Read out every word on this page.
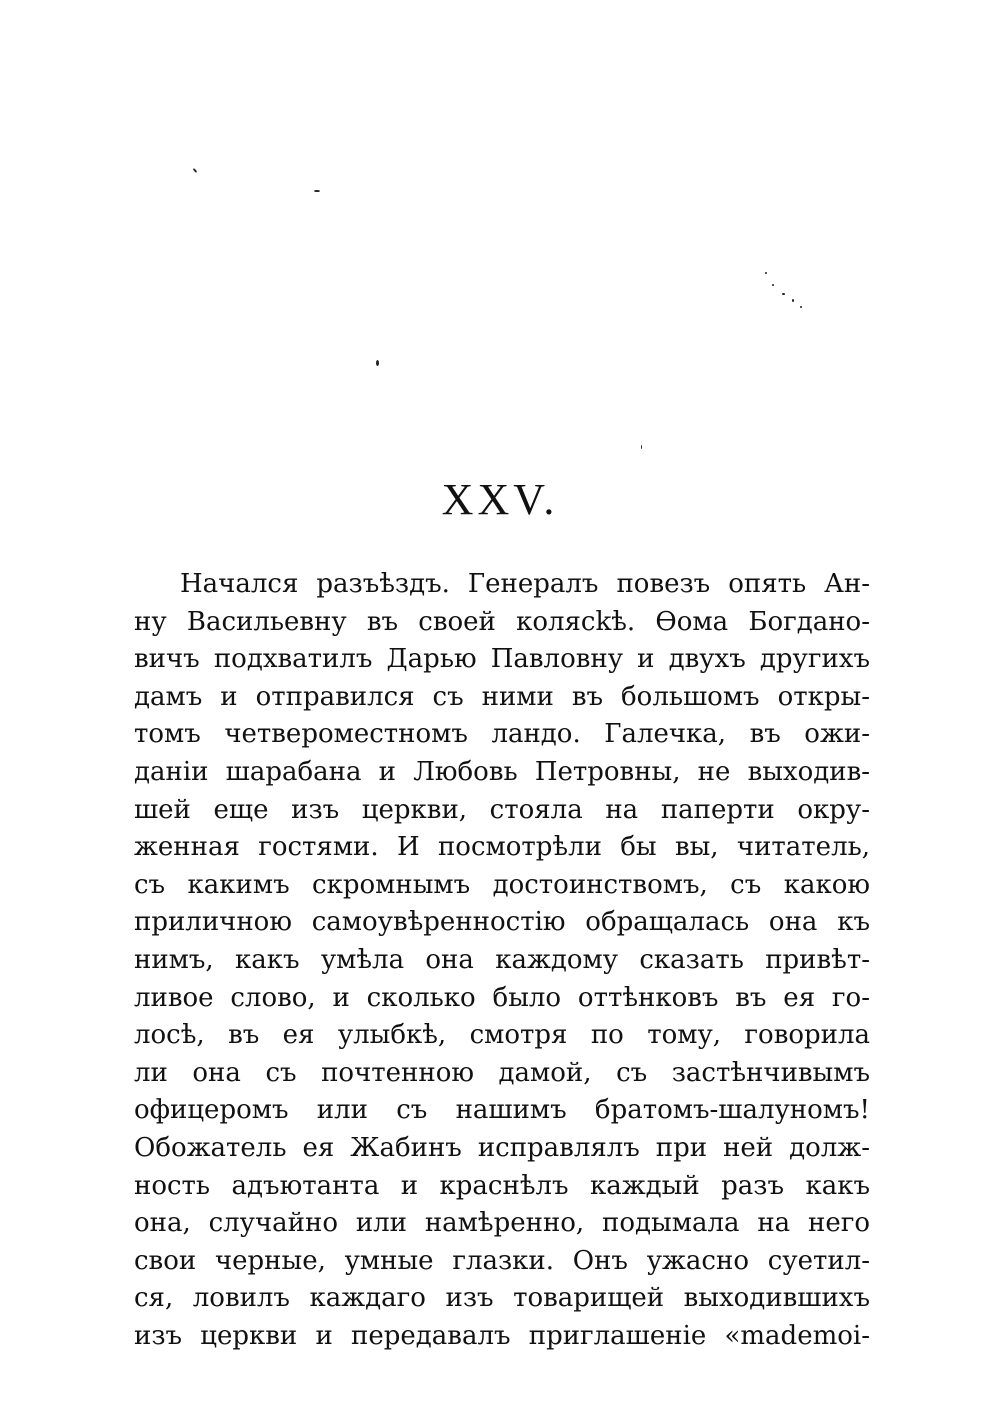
XXV.
Начался разъѣздъ. Генералъ повезъ опять Ан-
ну Васильевну въ своей колясkѣ. Ѳома Богдано-
вичъ подхватилъ Дарью Павловну и двухъ другихъ
дамъ и отправился съ ними въ большомъ откры-
томъ четвероместномъ ландо. Галечка, въ ожи-
даніи шарабана и Любовь Петровны, не выходив-
шей еще изъ церкви, стояла на паперти окру-
женная гостями. И посмотрѣли бы вы, читатель,
съ какимъ скромнымъ достоинствомъ, съ какою
приличною самоувѣренностію обращалась она къ
нимъ, какъ умѣла она каждому сказать привѣт-
ливое слово, и сколько было оттѣнковъ въ ея го-
лосѣ, въ ея улыбкѣ, смотря по тому, говорила
ли она съ почтенною дамой, съ застѣнчивымъ
офицеромъ или съ нашимъ братомъ-шалуномъ!
Обожатель ея Жабинъ исправлялъ при ней долж-
ность адъютанта и краснѣлъ каждый разъ какъ
она, случайно или намѣренно, подымала на него
свои черные, умные глазки. Онъ ужасно суетил-
ся, ловилъ каждаго изъ товарищей выходившихъ
изъ церкви и передавалъ приглашеніе «mademoi-
